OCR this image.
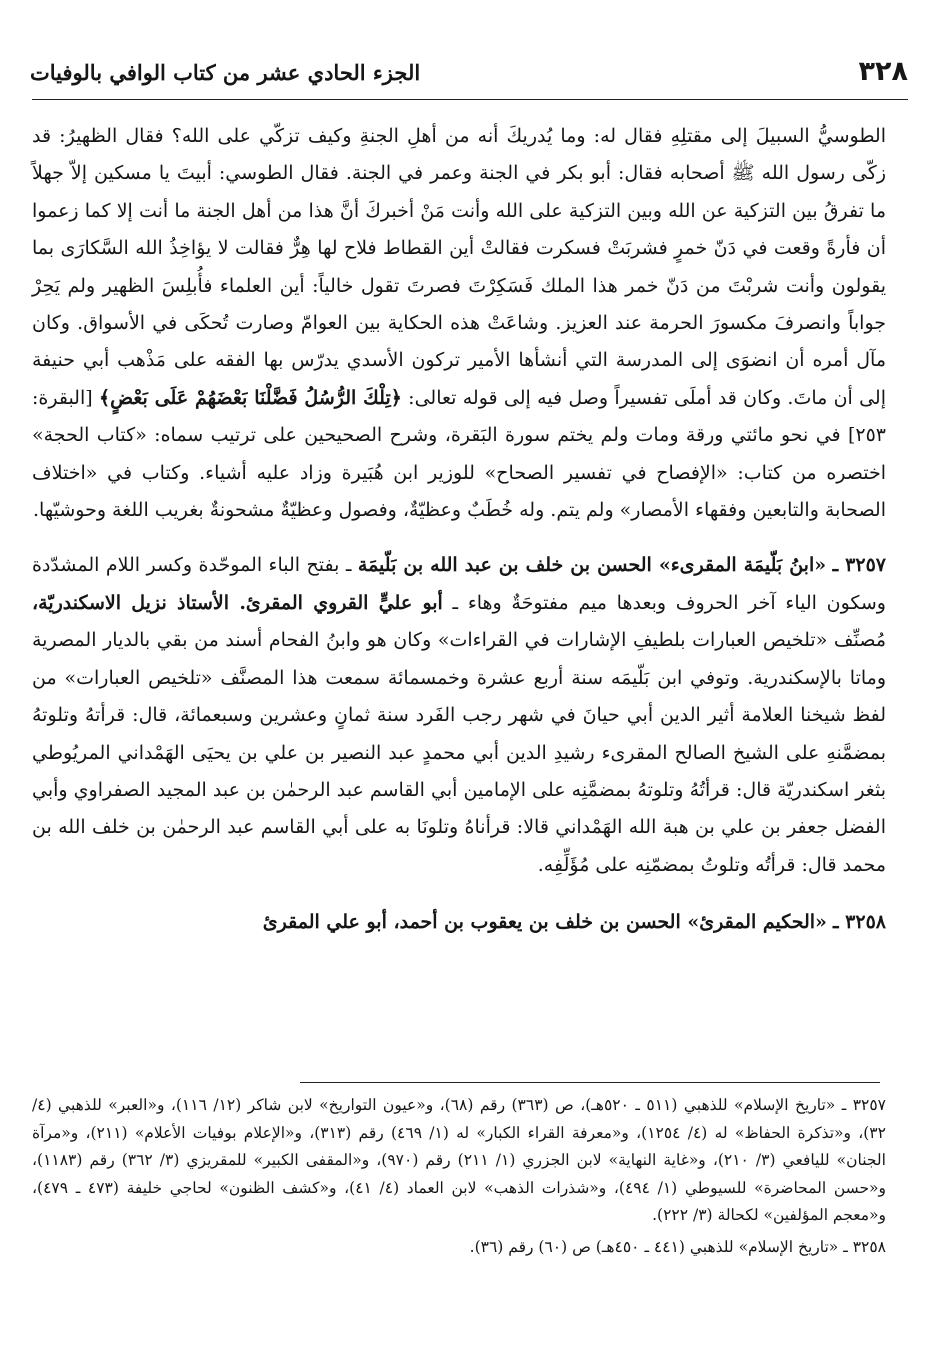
٣٢٨
الجزء الحادي عشر من كتاب الوافي بالوفيات

الطوسيُّ السبيلَ إلى مقتلِهِ فقال له: وما يُدريكَ أنه من أهلِ الجنةِ وكيف تزكّي على الله؟ فقال الظهيرُ: قد زكّى رسول الله ﷺ أصحابه فقال: أبو بكر في الجنة وعمر في الجنة. فقال الطوسي: أبيتَ يا مسكين إلاّ جهلاً ما تفرقُ بين التزكية عن الله وبين التزكية على الله وأنت مَنْ أخبركَ أنَّ هذا من أهل الجنة ما أنت إلا كما زعموا أن فأرةً وقعت في دَنّ خمرٍ فشربَتْ فسكرت فقالتْ أين القطاط فلاح لها هِرٌّ فقالت لا يؤاخِذُ الله السَّكارَى بما يقولون وأنت شربْتَ من دَنّ خمر هذا الملك فَسَكِرْتَ فصرتَ تقول خالياً: أين العلماء فأُبلِسَ الظهير ولم يَحِرْ جواباً وانصرفَ مكسورَ الحرمة عند العزيز. وشاعَتْ هذه الحكاية بين العوامّ وصارت تُحكَى في الأسواق. وكان مآل أمره أن انضوَى إلى المدرسة التي أنشأها الأمير تركون الأسدي يدرّس بها الفقه على مَذْهب أبي حنيفة إلى أن ماتَ. وكان قد أملَى تفسيراً وصل فيه إلى قوله تعالى: ﴿تِلْكَ الرُّسُلُ فَضَّلْنَا بَعْضَهُمْ عَلَى بَعْضٍ﴾ [البقرة: ٢٥٣] في نحو مائتي ورقة ومات ولم يختم سورة البَقرة، وشرح الصحيحين على ترتيب سماه: «كتاب الحجة» اختصره من كتاب: «الإفصاح في تفسير الصحاح» للوزير ابن هُبَيرة وزاد عليه أشياء. وكتاب في «اختلاف الصحابة والتابعين وفقهاء الأمصار» ولم يتم. وله خُطَبٌ وعظيّةٌ، وفصول وعظيّةٌ مشحونةٌ بغريب اللغة وحوشيّها.

٣٢٥٧ ـ «ابنُ بَلّيمَة المقرىء» الحسن بن خلف بن عبد الله بن بَلّيمَة ـ بفتح الباء الموحّدة وكسر اللام المشدّدة وسكون الياء آخر الحروف وبعدها ميم مفتوحَةٌ وهاء ـ أبو عليٍّ القروي المقرئ. الأستاذ نزيل الاسكندريّة، مُصنِّف «تلخيص العبارات بلطيفِ الإشارات في القراءات» وكان هو وابنُ الفحام أسند من بقي بالديار المصرية وماتا بالإسكندرية. وتوفي ابن بَلّيمَه سنة أربع عشرة وخمسمائة سمعت هذا المصنَّف «تلخيص العبارات» من لفظ شيخنا العلامة أثير الدين أبي حيانَ في شهر رجب الفَرد سنة ثمانٍ وعشرين وسبعمائة، قال: قرأتهُ وتلوتهُ بمضمَّنهِ على الشيخ الصالح المقرىء رشيدِ الدين أبي محمدٍ عبد النصير بن علي بن يحيَى الهَمْداني المريُوطي بثغر اسكندريّة قال: قرأتُهُ وتلوتهُ بمضمَّنِه على الإمامين أبي القاسم عبد الرحمٰن بن عبد المجيد الصفراوي وأبي الفضل جعفر بن علي بن هبة الله الهَمْداني قالا: قرأناهُ وتلونَا به على أبي القاسم عبد الرحمٰن بن خلف الله بن محمد قال: قرأتُه وتلوتُ بمضمّنِه على مُؤَلِّفِه.

٣٢٥٨ ـ «الحكيم المقرئ» الحسن بن خلف بن يعقوب بن أحمد، أبو علي المقرئ

٣٢٥٧ ـ «تاريخ الإسلام» للذهبي (٥١١ ـ ٥٢٠هـ)، ص (٣٦٣) رقم (٦٨)، و«عيون التواريخ» لابن شاكر (١٢/ ١١٦)، و«العبر» للذهبي (٤/ ٣٢)، و«تذكرة الحفاظ» له (٤/ ١٢٥٤)، و«معرفة القراء الكبار» له (١/ ٤٦٩) رقم (٣١٣)، و«الإعلام بوفيات الأعلام» (٢١١)، و«مرآة الجنان» لليافعي (٣/ ٢١٠)، و«غاية النهاية» لابن الجزري (١/ ٢١١) رقم (٩٧٠)، و«المقفى الكبير» للمقريزي (٣/ ٣٦٢) رقم (١١٨٣)، و«حسن المحاضرة» للسيوطي (١/ ٤٩٤)، و«شذرات الذهب» لابن العماد (٤/ ٤١)، و«كشف الظنون» لحاجي خليفة (٤٧٣ ـ ٤٧٩)، و«معجم المؤلفين» لكحالة (٣/ ٢٢٢).

٣٢٥٨ ـ «تاريخ الإسلام» للذهبي (٤٤١ ـ ٤٥٠هـ) ص (٦٠) رقم (٣٦).
